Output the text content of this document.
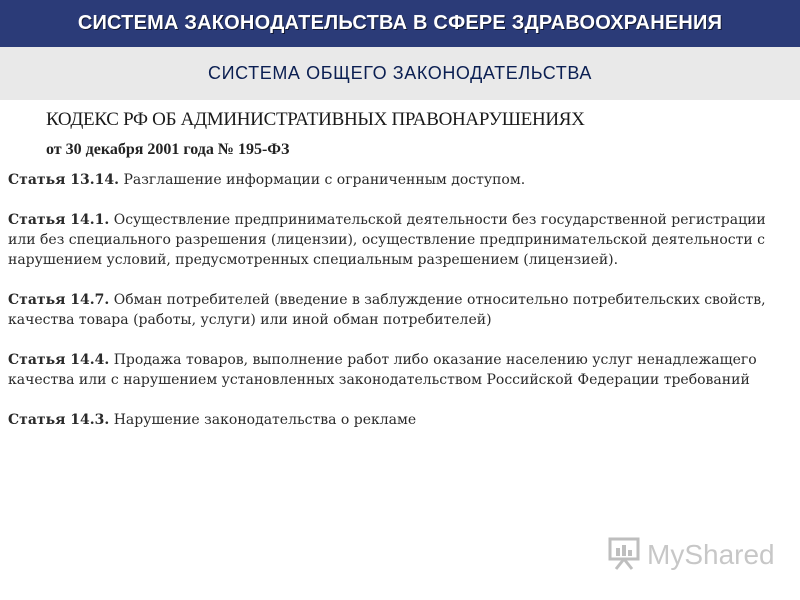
СИСТЕМА ЗАКОНОДАТЕЛЬСТВА В СФЕРЕ ЗДРАВООХРАНЕНИЯ
СИСТЕМА ОБЩЕГО ЗАКОНОДАТЕЛЬСТВА
КОДЕКС РФ ОБ АДМИНИСТРАТИВНЫХ ПРАВОНАРУШЕНИЯХ
от 30 декабря 2001 года № 195-ФЗ
Статья 13.14. Разглашение информации с ограниченным доступом.
Статья 14.1. Осуществление предпринимательской деятельности без государственной регистрации или без специального разрешения (лицензии), осуществление предпринимательской деятельности с нарушением условий, предусмотренных специальным разрешением (лицензией).
Статья 14.7. Обман потребителей (введение в заблуждение относительно потребительских свойств, качества товара (работы, услуги) или иной обман потребителей)
Статья 14.4. Продажа товаров, выполнение работ либо оказание населению услуг ненадлежащего качества или с нарушением установленных законодательством Российской Федерации требований
Статья 14.3. Нарушение законодательства о рекламе
MyShared
